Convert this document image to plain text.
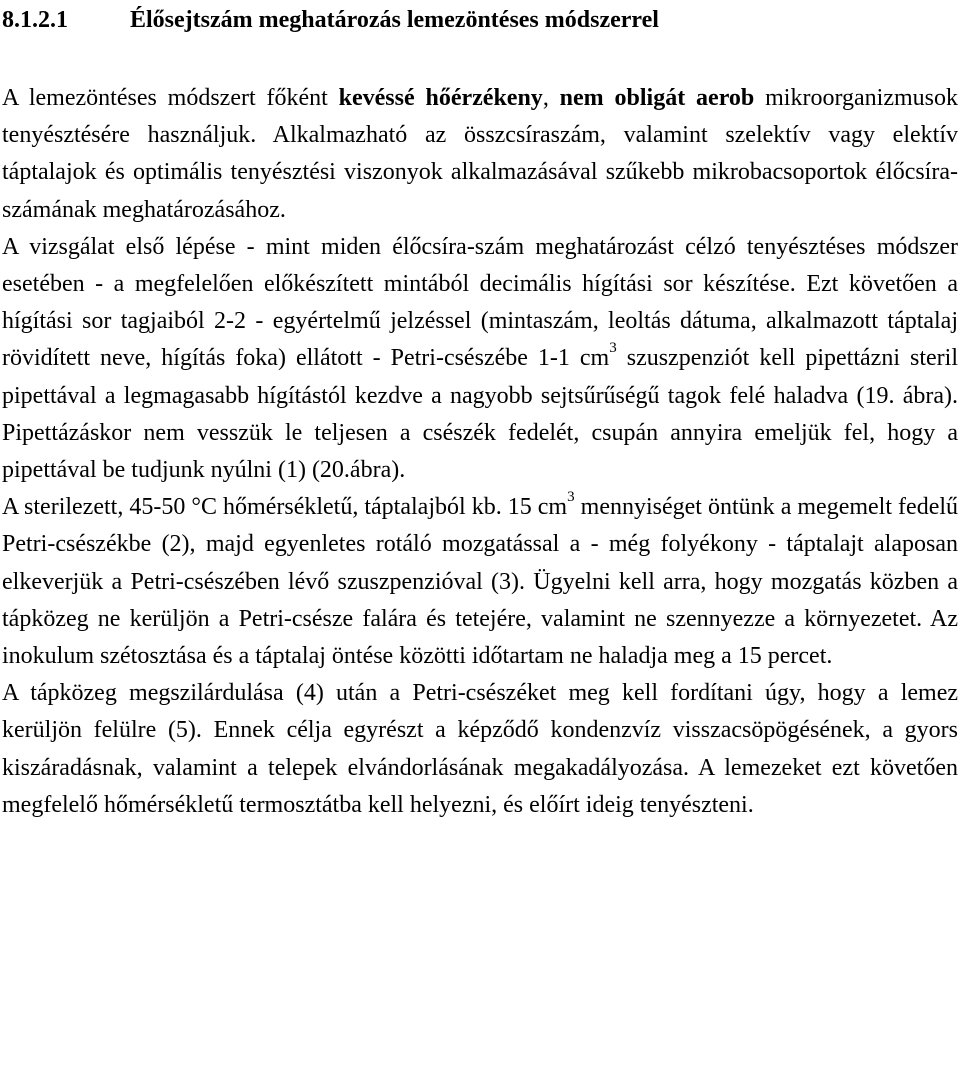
8.1.2.1	Élősejtszám meghatározás lemezöntéses módszerrel

A lemezöntéses módszert főként kevéssé hőérzékeny, nem obligát aerob mikroorganizmusok tenyésztésére használjuk. Alkalmazható az összcsíraszám, valamint szelektív vagy elektív táptalajok és optimális tenyésztési viszonyok alkalmazásával szűkebb mikrobacsoportok élőcsíra-számának meghatározásához.

A vizsgálat első lépése - mint miden élőcsíra-szám meghatározást célzó tenyésztéses módszer esetében - a megfelelően előkészített mintából decimális hígítási sor készítése. Ezt követően a hígítási sor tagjaiból 2-2 - egyértelmű jelzéssel (mintaszám, leoltás dátuma, alkalmazott táptalaj rövidített neve, hígítás foka) ellátott - Petri-csészébe 1-1 $cm^3$ szuszpenziót kell pipettázni steril pipettával a legmagasabb hígítástól kezdve a nagyobb sejtsűrűségű tagok felé haladva (19. ábra). Pipettázáskor nem vesszük le teljesen a csészék fedelét, csupán annyira emeljük fel, hogy a pipettával be tudjunk nyúlni (1) (20.ábra).

A sterilezett, 45-50 °C hőmérsékletű, táptalajból kb. 15 $cm^3$ mennyiséget öntünk a megemelt fedelű Petri-csészékbe (2), majd egyenletes rotáló mozgatással a - még folyékony - táptalajt alaposan elkeverjük a Petri-csészében lévő szuszpenzióval (3). Ügyelni kell arra, hogy mozgatás közben a tápközeg ne kerüljön a Petri-csésze falára és tetejére, valamint ne szennyezze a környezetet. Az inokulum szétosztása és a táptalaj öntése közötti időtartam ne haladja meg a 15 percet.

A tápközeg megszilárdulása (4) után a Petri-csészéket meg kell fordítani úgy, hogy a lemez kerüljön felülre (5). Ennek célja egyrészt a képződő kondenzvíz visszacsöpögésének, a gyors kiszáradásnak, valamint a telepek elvándorlásának megakadályozása. A lemezeket ezt követően megfelelő hőmérsékletű termosztátba kell helyezni, és előírt ideig tenyészteni.
